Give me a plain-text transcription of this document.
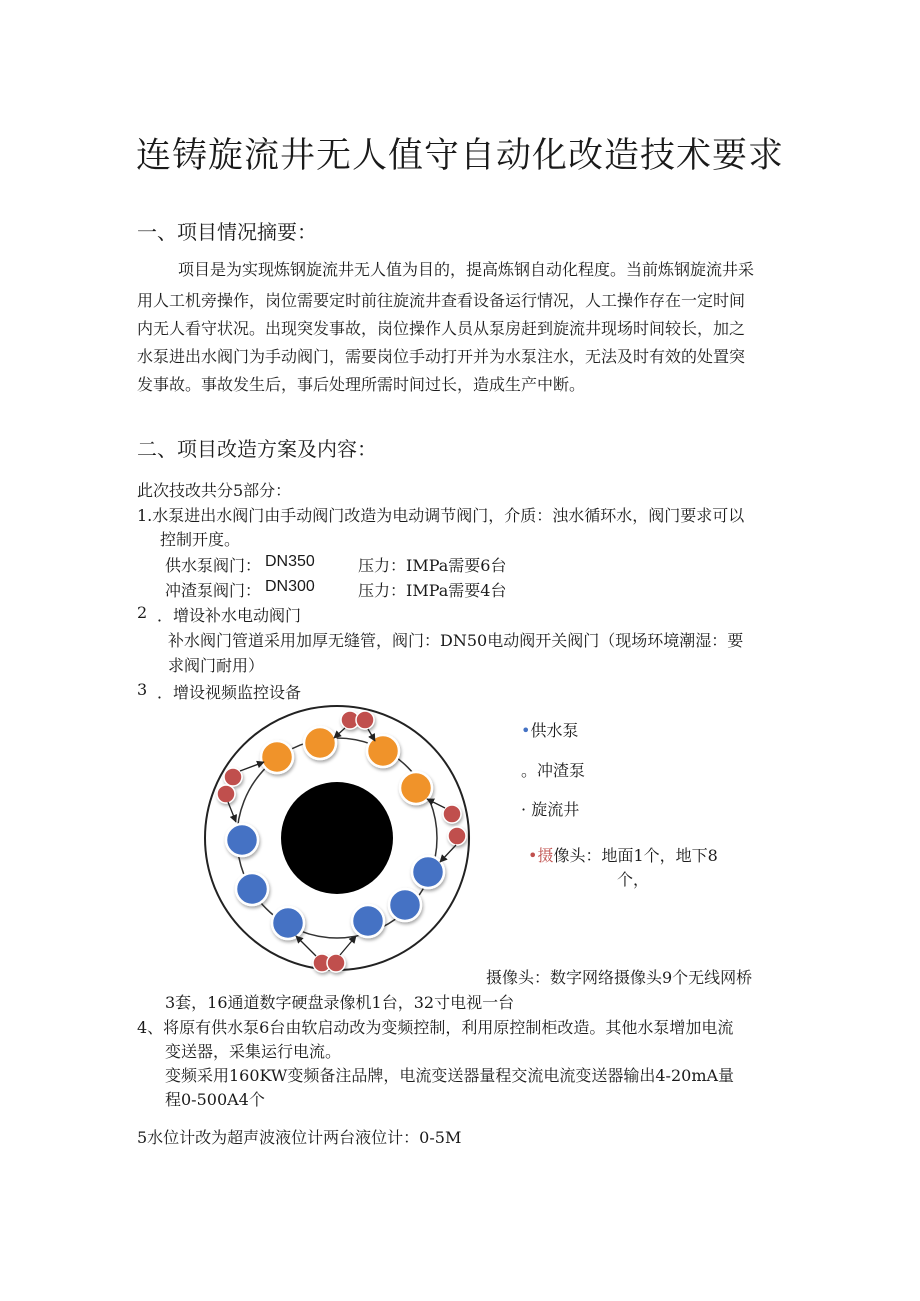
连铸旋流井无人值守自动化改造技术要求
一、项目情况摘要：
项目是为实现炼钢旋流井无人值为目的，提高炼钢自动化程度。当前炼钢旋流井采
用人工机旁操作，岗位需要定时前往旋流井查看设备运行情况，人工操作存在一定时间
内无人看守状况。出现突发事故，岗位操作人员从泵房赶到旋流井现场时间较长，加之
水泵进出水阀门为手动阀门，需要岗位手动打开并为水泵注水，无法及时有效的处置突
发事故。事故发生后，事后处理所需时间过长，造成生产中断。
二、项目改造方案及内容：
此次技改共分5部分：
1.水泵进出水阀门由手动阀门改造为电动调节阀门，介质：浊水循环水，阀门要求可以
控制开度。
供水泵阀门： DN350	压力：IMPa需要6台
冲渣泵阀门： DN300	压力：IMPa需要4台
2 ．增设补水电动阀门
补水阀门管道采用加厚无缝管，阀门：DN50电动阀开关阀门（现场环境潮湿：要
求阀门耐用）
3 ．增设视频监控设备
•供水泵
。冲渣泵
· 旋流井
•摄像头：地面1个，地下8
个，
摄像头：数字网络摄像头9个无线网桥
3套，16通道数字硬盘录像机1台，32寸电视一台
4、将原有供水泵6台由软启动改为变频控制，利用原控制柜改造。其他水泵增加电流
变送器，采集运行电流。
变频采用160KW变频备注品牌，电流变送器量程交流电流变送器输出4-20mA量
程0-500A4个
5水位计改为超声波液位计两台液位计：0-5M
